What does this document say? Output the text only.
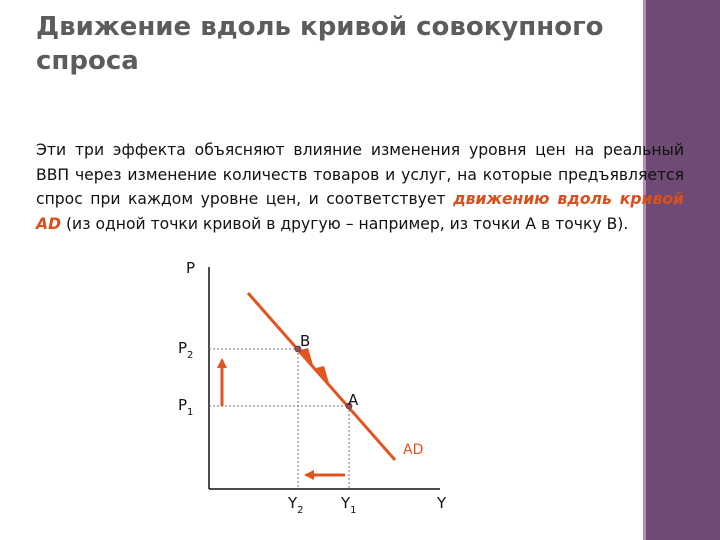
Движение вдоль кривой совокупного
спроса

Эти три эффекта объясняют влияние изменения уровня цен на реальный ВВП через изменение количеств товаров и услуг, на которые предъявляется спрос при каждом уровне цен, и соответствует движению вдоль кривой AD (из одной точки кривой в другую – например, из точки А в точку В).

P
Y
$P_2$
$P_1$
$Y_2$ $Y_1$
B
A
AD
